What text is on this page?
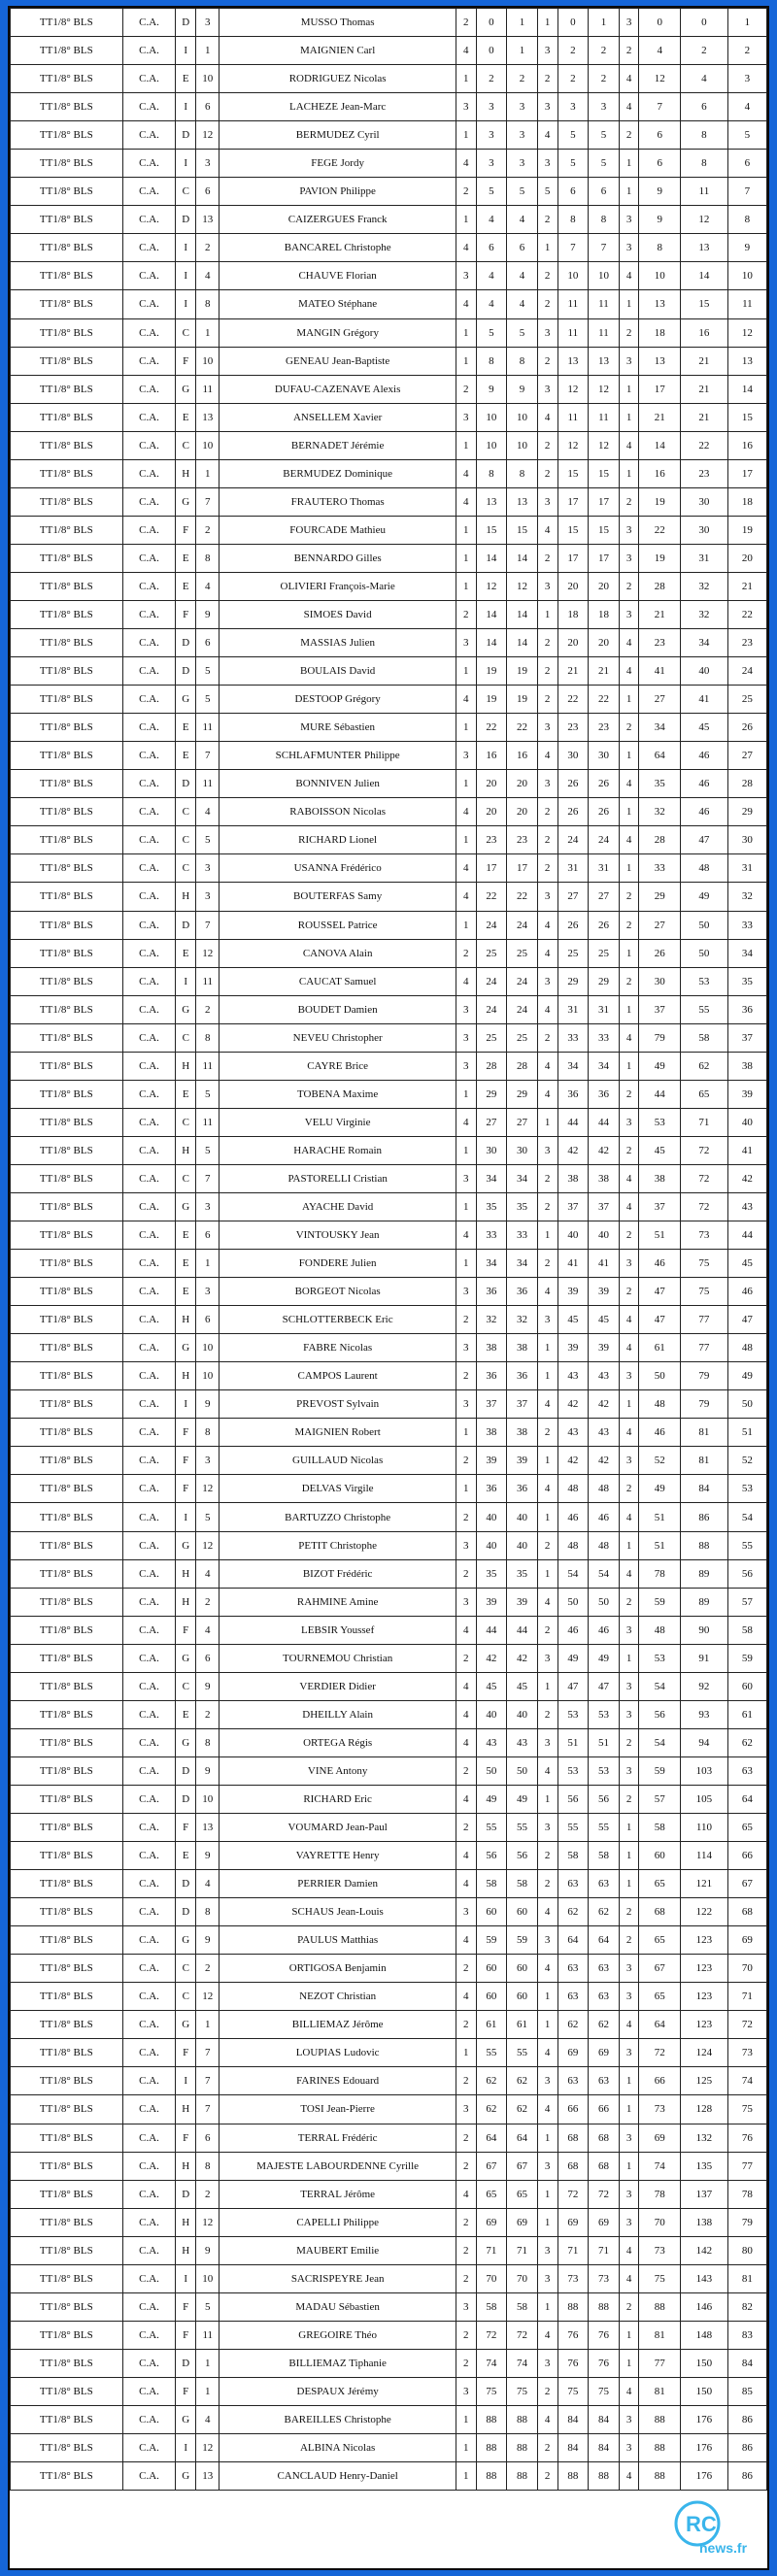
TT1/8° BLS	C.A.	D	3	MUSSO Thomas	2	0	1	1	0	1	3	0	0	1
TT1/8° BLS	C.A.	I	1	MAIGNIEN Carl	4	0	1	3	2	2	2	4	2	2
TT1/8° BLS	C.A.	E	10	RODRIGUEZ Nicolas	1	2	2	2	2	2	4	12	4	3
TT1/8° BLS	C.A.	I	6	LACHEZE Jean-Marc	3	3	3	3	3	3	4	7	6	4
TT1/8° BLS	C.A.	D	12	BERMUDEZ Cyril	1	3	3	4	5	5	2	6	8	5
TT1/8° BLS	C.A.	I	3	FEGE Jordy	4	3	3	3	5	5	1	6	8	6
TT1/8° BLS	C.A.	C	6	PAVION Philippe	2	5	5	5	6	6	1	9	11	7
TT1/8° BLS	C.A.	D	13	CAIZERGUES Franck	1	4	4	2	8	8	3	9	12	8
TT1/8° BLS	C.A.	I	2	BANCAREL Christophe	4	6	6	1	7	7	3	8	13	9
TT1/8° BLS	C.A.	I	4	CHAUVE Florian	3	4	4	2	10	10	4	10	14	10
TT1/8° BLS	C.A.	I	8	MATEO Stéphane	4	4	4	2	11	11	1	13	15	11
TT1/8° BLS	C.A.	C	1	MANGIN Grégory	1	5	5	3	11	11	2	18	16	12
TT1/8° BLS	C.A.	F	10	GENEAU Jean-Baptiste	1	8	8	2	13	13	3	13	21	13
TT1/8° BLS	C.A.	G	11	DUFAU-CAZENAVE Alexis	2	9	9	3	12	12	1	17	21	14
TT1/8° BLS	C.A.	E	13	ANSELLEM Xavier	3	10	10	4	11	11	1	21	21	15
TT1/8° BLS	C.A.	C	10	BERNADET Jérémie	1	10	10	2	12	12	4	14	22	16
TT1/8° BLS	C.A.	H	1	BERMUDEZ Dominique	4	8	8	2	15	15	1	16	23	17
TT1/8° BLS	C.A.	G	7	FRAUTERO Thomas	4	13	13	3	17	17	2	19	30	18
TT1/8° BLS	C.A.	F	2	FOURCADE Mathieu	1	15	15	4	15	15	3	22	30	19
TT1/8° BLS	C.A.	E	8	BENNARDO Gilles	1	14	14	2	17	17	3	19	31	20
TT1/8° BLS	C.A.	E	4	OLIVIERI François-Marie	1	12	12	3	20	20	2	28	32	21
TT1/8° BLS	C.A.	F	9	SIMOES David	2	14	14	1	18	18	3	21	32	22
TT1/8° BLS	C.A.	D	6	MASSIAS Julien	3	14	14	2	20	20	4	23	34	23
TT1/8° BLS	C.A.	D	5	BOULAIS David	1	19	19	2	21	21	4	41	40	24
TT1/8° BLS	C.A.	G	5	DESTOOP Grégory	4	19	19	2	22	22	1	27	41	25
TT1/8° BLS	C.A.	E	11	MURE Sébastien	1	22	22	3	23	23	2	34	45	26
TT1/8° BLS	C.A.	E	7	SCHLAFMUNTER Philippe	3	16	16	4	30	30	1	64	46	27
TT1/8° BLS	C.A.	D	11	BONNIVEN Julien	1	20	20	3	26	26	4	35	46	28
TT1/8° BLS	C.A.	C	4	RABOISSON Nicolas	4	20	20	2	26	26	1	32	46	29
TT1/8° BLS	C.A.	C	5	RICHARD Lionel	1	23	23	2	24	24	4	28	47	30
TT1/8° BLS	C.A.	C	3	USANNA Frédérico	4	17	17	2	31	31	1	33	48	31
TT1/8° BLS	C.A.	H	3	BOUTERFAS Samy	4	22	22	3	27	27	2	29	49	32
TT1/8° BLS	C.A.	D	7	ROUSSEL Patrice	1	24	24	4	26	26	2	27	50	33
TT1/8° BLS	C.A.	E	12	CANOVA Alain	2	25	25	4	25	25	1	26	50	34
TT1/8° BLS	C.A.	I	11	CAUCAT Samuel	4	24	24	3	29	29	2	30	53	35
TT1/8° BLS	C.A.	G	2	BOUDET Damien	3	24	24	4	31	31	1	37	55	36
TT1/8° BLS	C.A.	C	8	NEVEU Christopher	3	25	25	2	33	33	4	79	58	37
TT1/8° BLS	C.A.	H	11	CAYRE Brice	3	28	28	4	34	34	1	49	62	38
TT1/8° BLS	C.A.	E	5	TOBENA Maxime	1	29	29	4	36	36	2	44	65	39
TT1/8° BLS	C.A.	C	11	VELU Virginie	4	27	27	1	44	44	3	53	71	40
TT1/8° BLS	C.A.	H	5	HARACHE Romain	1	30	30	3	42	42	2	45	72	41
TT1/8° BLS	C.A.	C	7	PASTORELLI Cristian	3	34	34	2	38	38	4	38	72	42
TT1/8° BLS	C.A.	G	3	AYACHE David	1	35	35	2	37	37	4	37	72	43
TT1/8° BLS	C.A.	E	6	VINTOUSKY Jean	4	33	33	1	40	40	2	51	73	44
TT1/8° BLS	C.A.	E	1	FONDERE Julien	1	34	34	2	41	41	3	46	75	45
TT1/8° BLS	C.A.	E	3	BORGEOT Nicolas	3	36	36	4	39	39	2	47	75	46
TT1/8° BLS	C.A.	H	6	SCHLOTTERBECK Eric	2	32	32	3	45	45	4	47	77	47
TT1/8° BLS	C.A.	G	10	FABRE Nicolas	3	38	38	1	39	39	4	61	77	48
TT1/8° BLS	C.A.	H	10	CAMPOS Laurent	2	36	36	1	43	43	3	50	79	49
TT1/8° BLS	C.A.	I	9	PREVOST Sylvain	3	37	37	4	42	42	1	48	79	50
TT1/8° BLS	C.A.	F	8	MAIGNIEN Robert	1	38	38	2	43	43	4	46	81	51
TT1/8° BLS	C.A.	F	3	GUILLAUD Nicolas	2	39	39	1	42	42	3	52	81	52
TT1/8° BLS	C.A.	F	12	DELVAS Virgile	1	36	36	4	48	48	2	49	84	53
TT1/8° BLS	C.A.	I	5	BARTUZZO Christophe	2	40	40	1	46	46	4	51	86	54
TT1/8° BLS	C.A.	G	12	PETIT Christophe	3	40	40	2	48	48	1	51	88	55
TT1/8° BLS	C.A.	H	4	BIZOT Frédéric	2	35	35	1	54	54	4	78	89	56
TT1/8° BLS	C.A.	H	2	RAHMINE Amine	3	39	39	4	50	50	2	59	89	57
TT1/8° BLS	C.A.	F	4	LEBSIR Youssef	4	44	44	2	46	46	3	48	90	58
TT1/8° BLS	C.A.	G	6	TOURNEMOU Christian	2	42	42	3	49	49	1	53	91	59
TT1/8° BLS	C.A.	C	9	VERDIER Didier	4	45	45	1	47	47	3	54	92	60
TT1/8° BLS	C.A.	E	2	DHEILLY Alain	4	40	40	2	53	53	3	56	93	61
TT1/8° BLS	C.A.	G	8	ORTEGA Régis	4	43	43	3	51	51	2	54	94	62
TT1/8° BLS	C.A.	D	9	VINE Antony	2	50	50	4	53	53	3	59	103	63
TT1/8° BLS	C.A.	D	10	RICHARD Eric	4	49	49	1	56	56	2	57	105	64
TT1/8° BLS	C.A.	F	13	VOUMARD Jean-Paul	2	55	55	3	55	55	1	58	110	65
TT1/8° BLS	C.A.	E	9	VAYRETTE Henry	4	56	56	2	58	58	1	60	114	66
TT1/8° BLS	C.A.	D	4	PERRIER Damien	4	58	58	2	63	63	1	65	121	67
TT1/8° BLS	C.A.	D	8	SCHAUS Jean-Louis	3	60	60	4	62	62	2	68	122	68
TT1/8° BLS	C.A.	G	9	PAULUS Matthias	4	59	59	3	64	64	2	65	123	69
TT1/8° BLS	C.A.	C	2	ORTIGOSA Benjamin	2	60	60	4	63	63	3	67	123	70
TT1/8° BLS	C.A.	C	12	NEZOT Christian	4	60	60	1	63	63	3	65	123	71
TT1/8° BLS	C.A.	G	1	BILLIEMAZ Jérôme	2	61	61	1	62	62	4	64	123	72
TT1/8° BLS	C.A.	F	7	LOUPIAS Ludovic	1	55	55	4	69	69	3	72	124	73
TT1/8° BLS	C.A.	I	7	FARINES Edouard	2	62	62	3	63	63	1	66	125	74
TT1/8° BLS	C.A.	H	7	TOSI Jean-Pierre	3	62	62	4	66	66	1	73	128	75
TT1/8° BLS	C.A.	F	6	TERRAL Frédéric	2	64	64	1	68	68	3	69	132	76
TT1/8° BLS	C.A.	H	8	MAJESTE LABOURDENNE Cyrille	2	67	67	3	68	68	1	74	135	77
TT1/8° BLS	C.A.	D	2	TERRAL Jérôme	4	65	65	1	72	72	3	78	137	78
TT1/8° BLS	C.A.	H	12	CAPELLI Philippe	2	69	69	1	69	69	3	70	138	79
TT1/8° BLS	C.A.	H	9	MAUBERT Emilie	2	71	71	3	71	71	4	73	142	80
TT1/8° BLS	C.A.	I	10	SACRISPEYRE Jean	2	70	70	3	73	73	4	75	143	81
TT1/8° BLS	C.A.	F	5	MADAU Sébastien	3	58	58	1	88	88	2	88	146	82
TT1/8° BLS	C.A.	F	11	GREGOIRE Théo	2	72	72	4	76	76	1	81	148	83
TT1/8° BLS	C.A.	D	1	BILLIEMAZ Tiphanie	2	74	74	3	76	76	1	77	150	84
TT1/8° BLS	C.A.	F	1	DESPAUX Jérémy	3	75	75	2	75	75	4	81	150	85
TT1/8° BLS	C.A.	G	4	BAREILLES Christophe	1	88	88	4	84	84	3	88	176	86
TT1/8° BLS	C.A.	I	12	ALBINA Nicolas	1	88	88	2	84	84	3	88	176	86
TT1/8° BLS	C.A.	G	13	CANCLAUD Henry-Daniel	1	88	88	2	88	88	4	88	176	86
RC
news.fr
